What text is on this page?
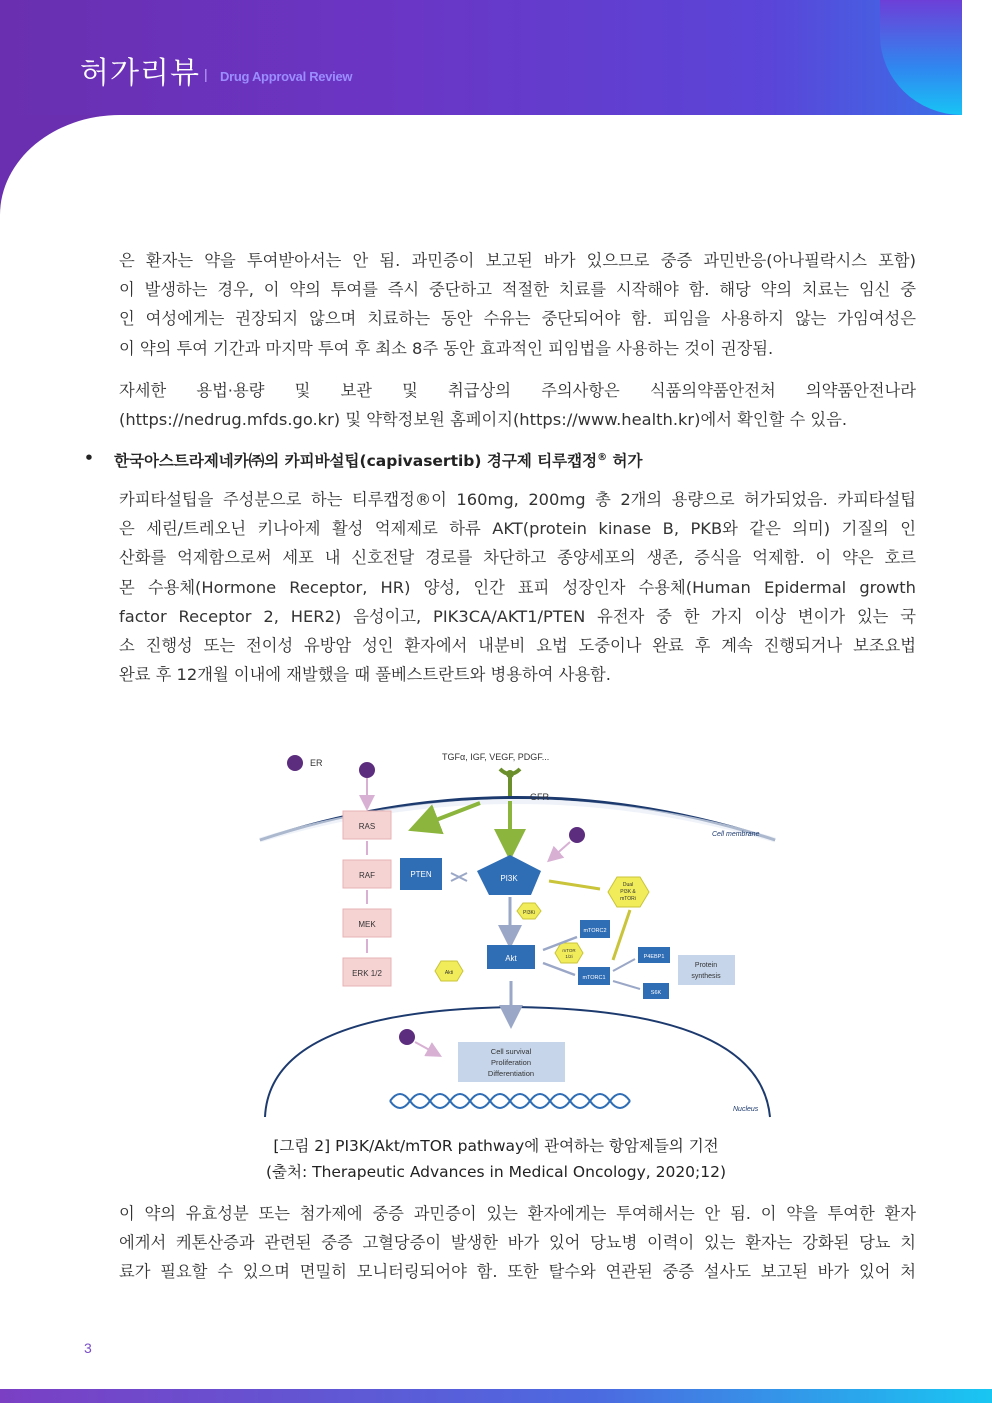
허가리뷰 | Drug Approval Review
은 환자는 약을 투여받아서는 안 됨. 과민증이 보고된 바가 있으므로 중증 과민반응(아나필락시스 포함)
이 발생하는 경우, 이 약의 투여를 즉시 중단하고 적절한 치료를 시작해야 함. 해당 약의 치료는 임신 중
인 여성에게는 권장되지 않으며 치료하는 동안 수유는 중단되어야 함. 피임을 사용하지 않는 가임여성은
이 약의 투여 기간과 마지막 투여 후 최소 8주 동안 효과적인 피임법을 사용하는 것이 권장됨.
자세한 용법·용량 및 보관 및 취급상의 주의사항은 식품의약품안전처 의약품안전나라
(https://nedrug.mfds.go.kr) 및 약학정보원 홈페이지(https://www.health.kr)에서 확인할 수 있음.
• 한국아스트라제네카㈜의 카피바설팁(capivasertib) 경구제 티루캡정® 허가
카피타설팁을 주성분으로 하는 티루캡정®이 160mg, 200mg 총 2개의 용량으로 허가되었음. 카피타설팁
은 세린/트레오닌 키나아제 활성 억제제로 하류 AKT(protein kinase B, PKB와 같은 의미) 기질의 인
산화를 억제함으로써 세포 내 신호전달 경로를 차단하고 종양세포의 생존, 증식을 억제함. 이 약은 호르
몬 수용체(Hormone Receptor, HR) 양성, 인간 표피 성장인자 수용체(Human Epidermal growth
factor Receptor 2, HER2) 음성이고, PIK3CA/AKT1/PTEN 유전자 중 한 가지 이상 변이가 있는 국
소 진행성 또는 전이성 유방암 성인 환자에서 내분비 요법 도중이나 완료 후 계속 진행되거나 보조요법
완료 후 12개월 이내에 재발했을 때 풀베스트란트와 병용하여 사용함.
Cell membrane
Nucleus
ER
TGFα, IGF, VEGF, PDGF...
GFR
RAS
RAF
MEK
ERK 1/2
PTEN	PI3K
PI3Ki
Dual
PI3K &
mTORi
Akt
Akti
mTORC2
mTORC1
mTOR
1/2i	P4EBP1
S6K
Protein
synthesis
Cell survival
Proliferation
Differentiation
[그림 2] PI3K/Akt/mTOR pathway에 관여하는 항암제들의 기전
(출처: Therapeutic Advances in Medical Oncology, 2020;12)
이 약의 유효성분 또는 첨가제에 중증 과민증이 있는 환자에게는 투여해서는 안 됨. 이 약을 투여한 환자
에게서 케톤산증과 관련된 중증 고혈당증이 발생한 바가 있어 당뇨병 이력이 있는 환자는 강화된 당뇨 치
료가 필요할 수 있으며 면밀히 모니터링되어야 함. 또한 탈수와 연관된 중증 설사도 보고된 바가 있어 처
3
